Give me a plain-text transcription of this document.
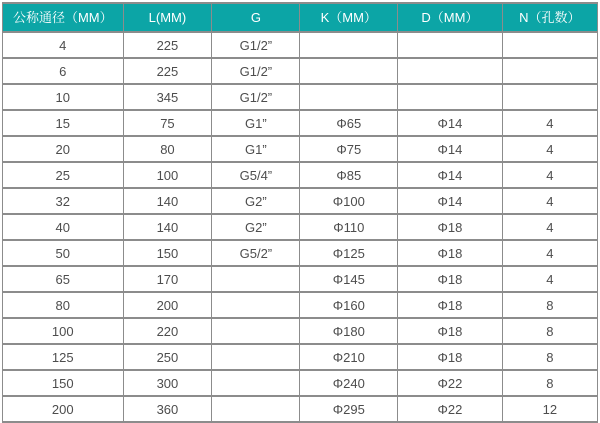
公称通径（MM）	L(MM)	G	K（MM）	D（MM）	N（孔数）
4	225	G1/2”			
6	225	G1/2”			
10	345	G1/2”			
15	75	G1”	Φ65	Φ14	4
20	80	G1”	Φ75	Φ14	4
25	100	G5/4”	Φ85	Φ14	4
32	140	G2”	Φ100	Φ14	4
40	140	G2”	Φ110	Φ18	4
50	150	G5/2”	Φ125	Φ18	4
65	170		Φ145	Φ18	4
80	200		Φ160	Φ18	8
100	220		Φ180	Φ18	8
125	250		Φ210	Φ18	8
150	300		Φ240	Φ22	8
200	360		Φ295	Φ22	12
